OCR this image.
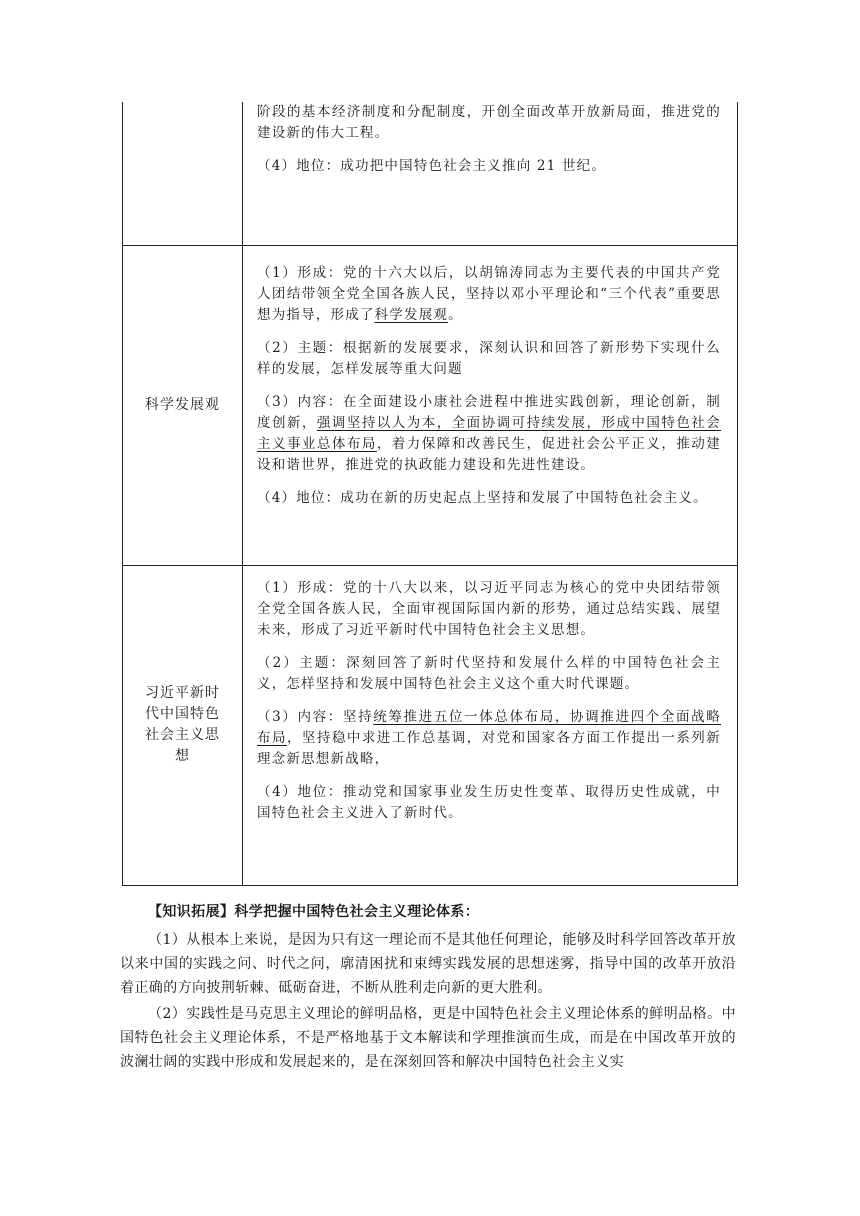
	阶段的基本经济制度和分配制度，开创全面改革开放新局面，推进党的建设新的伟大工程。

（4）地位：成功把中国特色社会主义推向 21 世纪。

科学发展观	（1）形成：党的十六大以后，以胡锦涛同志为主要代表的中国共产党人团结带领全党全国各族人民，坚持以邓小平理论和“三个代表”重要思想为指导，形成了科学发展观。

（2）主题：根据新的发展要求，深刻认识和回答了新形势下实现什么样的发展，怎样发展等重大问题

（3）内容：在全面建设小康社会进程中推进实践创新，理论创新，制度创新，强调坚持以人为本，全面协调可持续发展，形成中国特色社会主义事业总体布局，着力保障和改善民生，促进社会公平正义，推动建设和谐世界，推进党的执政能力建设和先进性建设。

（4）地位：成功在新的历史起点上坚持和发展了中国特色社会主义。

习近平新时代中国特色社会主义思想	（1）形成：党的十八大以来，以习近平同志为核心的党中央团结带领全党全国各族人民，全面审视国际国内新的形势，通过总结实践、展望未来，形成了习近平新时代中国特色社会主义思想。

（2）主题：深刻回答了新时代坚持和发展什么样的中国特色社会主义，怎样坚持和发展中国特色社会主义这个重大时代课题。

（3）内容：坚持统筹推进五位一体总体布局，协调推进四个全面战略布局，坚持稳中求进工作总基调，对党和国家各方面工作提出一系列新理念新思想新战略，

（4）地位：推动党和国家事业发生历史性变革、取得历史性成就，中国特色社会主义进入了新时代。

【知识拓展】科学把握中国特色社会主义理论体系：

（1）从根本上来说，是因为只有这一理论而不是其他任何理论，能够及时科学回答改革开放以来中国的实践之问、时代之问，廓清困扰和束缚实践发展的思想迷雾，指导中国的改革开放沿着正确的方向披荆斩棘、砥砺奋进，不断从胜利走向新的更大胜利。

（2）实践性是马克思主义理论的鲜明品格，更是中国特色社会主义理论体系的鲜明品格。中国特色社会主义理论体系，不是严格地基于文本解读和学理推演而生成，而是在中国改革开放的波澜壮阔的实践中形成和发展起来的，是在深刻回答和解决中国特色社会主义实
